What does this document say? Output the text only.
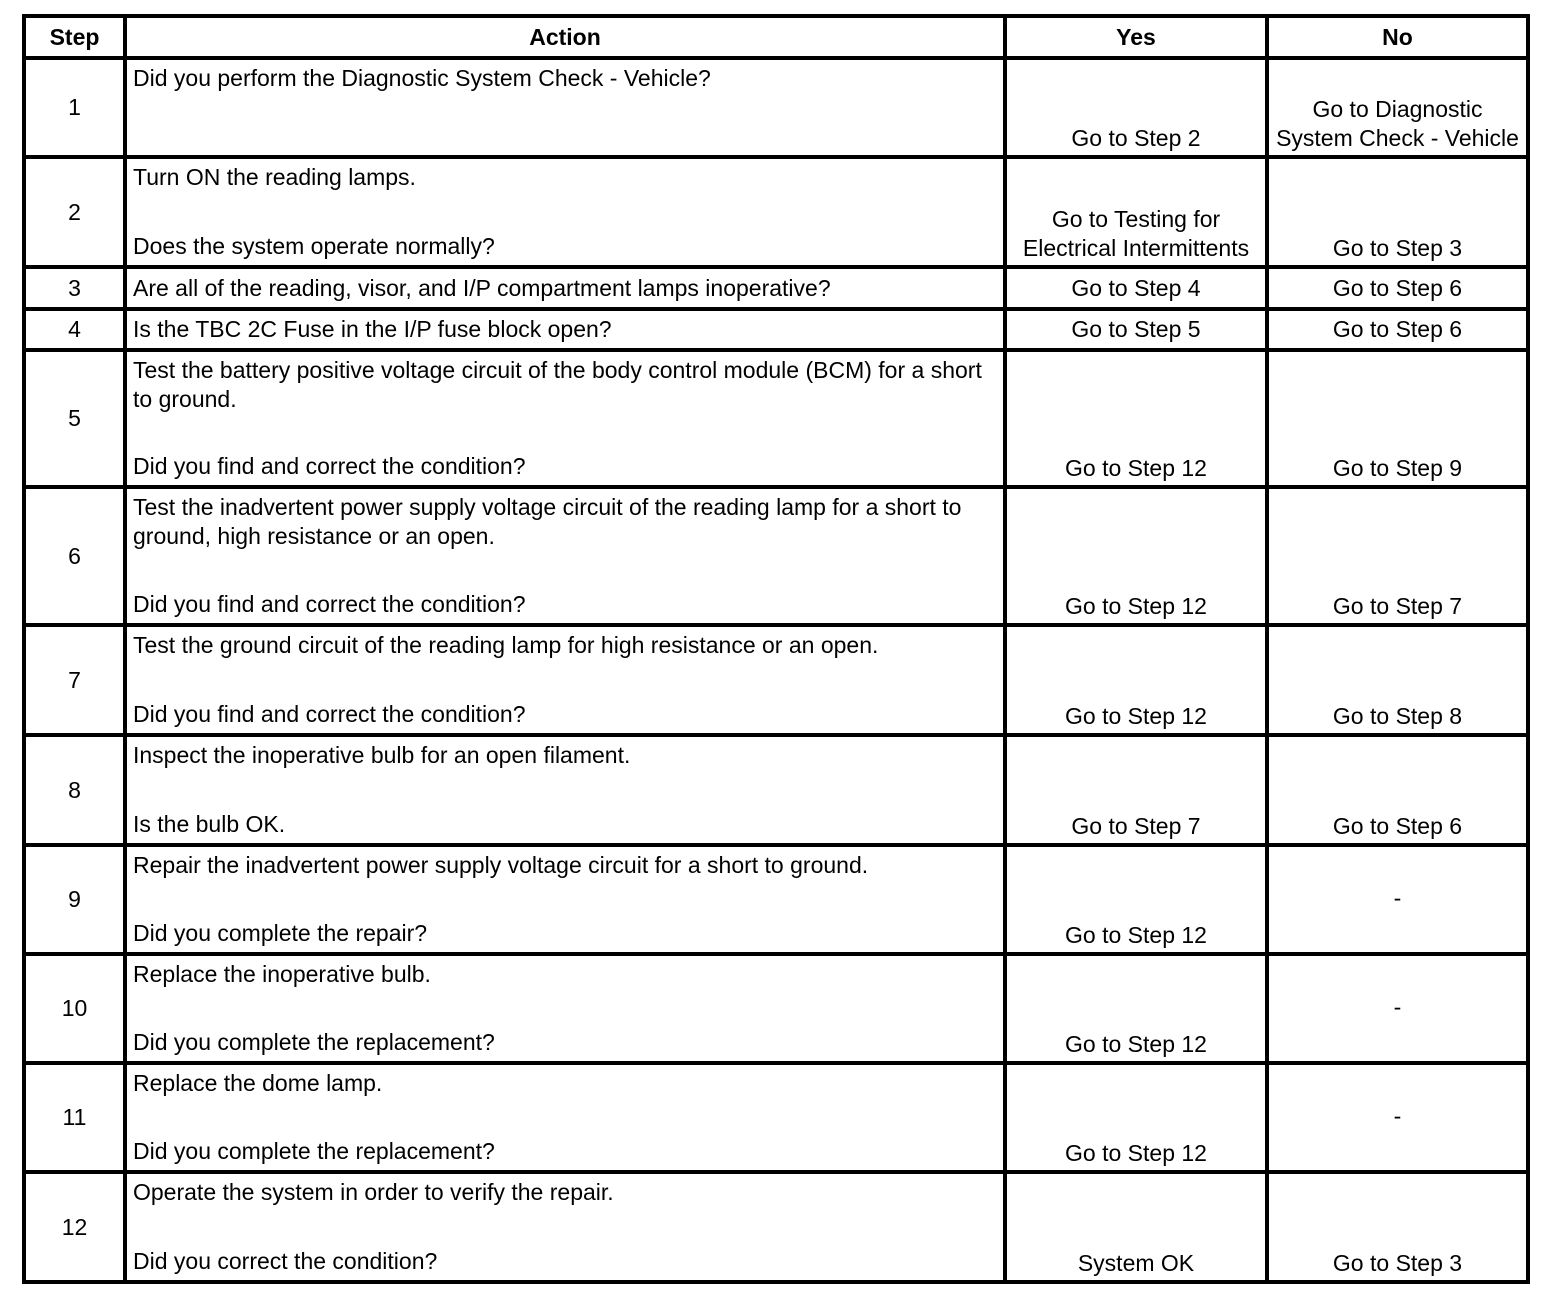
Step	Action	Yes	No
1	Did you perform the Diagnostic System Check - Vehicle?	Go to Step 2	Go to Diagnostic System Check - Vehicle
2	Turn ON the reading lamps.
Does the system operate normally?	Go to Testing for Electrical Intermittents	Go to Step 3
3	Are all of the reading, visor, and I/P compartment lamps inoperative?	Go to Step 4	Go to Step 6
4	Is the TBC 2C Fuse in the I/P fuse block open?	Go to Step 5	Go to Step 6
5	Test the battery positive voltage circuit of the body control module (BCM) for a short to ground.
Did you find and correct the condition?	Go to Step 12	Go to Step 9
6	Test the inadvertent power supply voltage circuit of the reading lamp for a short to ground, high resistance or an open.
Did you find and correct the condition?	Go to Step 12	Go to Step 7
7	Test the ground circuit of the reading lamp for high resistance or an open.
Did you find and correct the condition?	Go to Step 12	Go to Step 8
8	Inspect the inoperative bulb for an open filament.
Is the bulb OK.	Go to Step 7	Go to Step 6
9	Repair the inadvertent power supply voltage circuit for a short to ground.
Did you complete the repair?	Go to Step 12	-
10	Replace the inoperative bulb.
Did you complete the replacement?	Go to Step 12	-
11	Replace the dome lamp.
Did you complete the replacement?	Go to Step 12	-
12	Operate the system in order to verify the repair.
Did you correct the condition?	System OK	Go to Step 3
